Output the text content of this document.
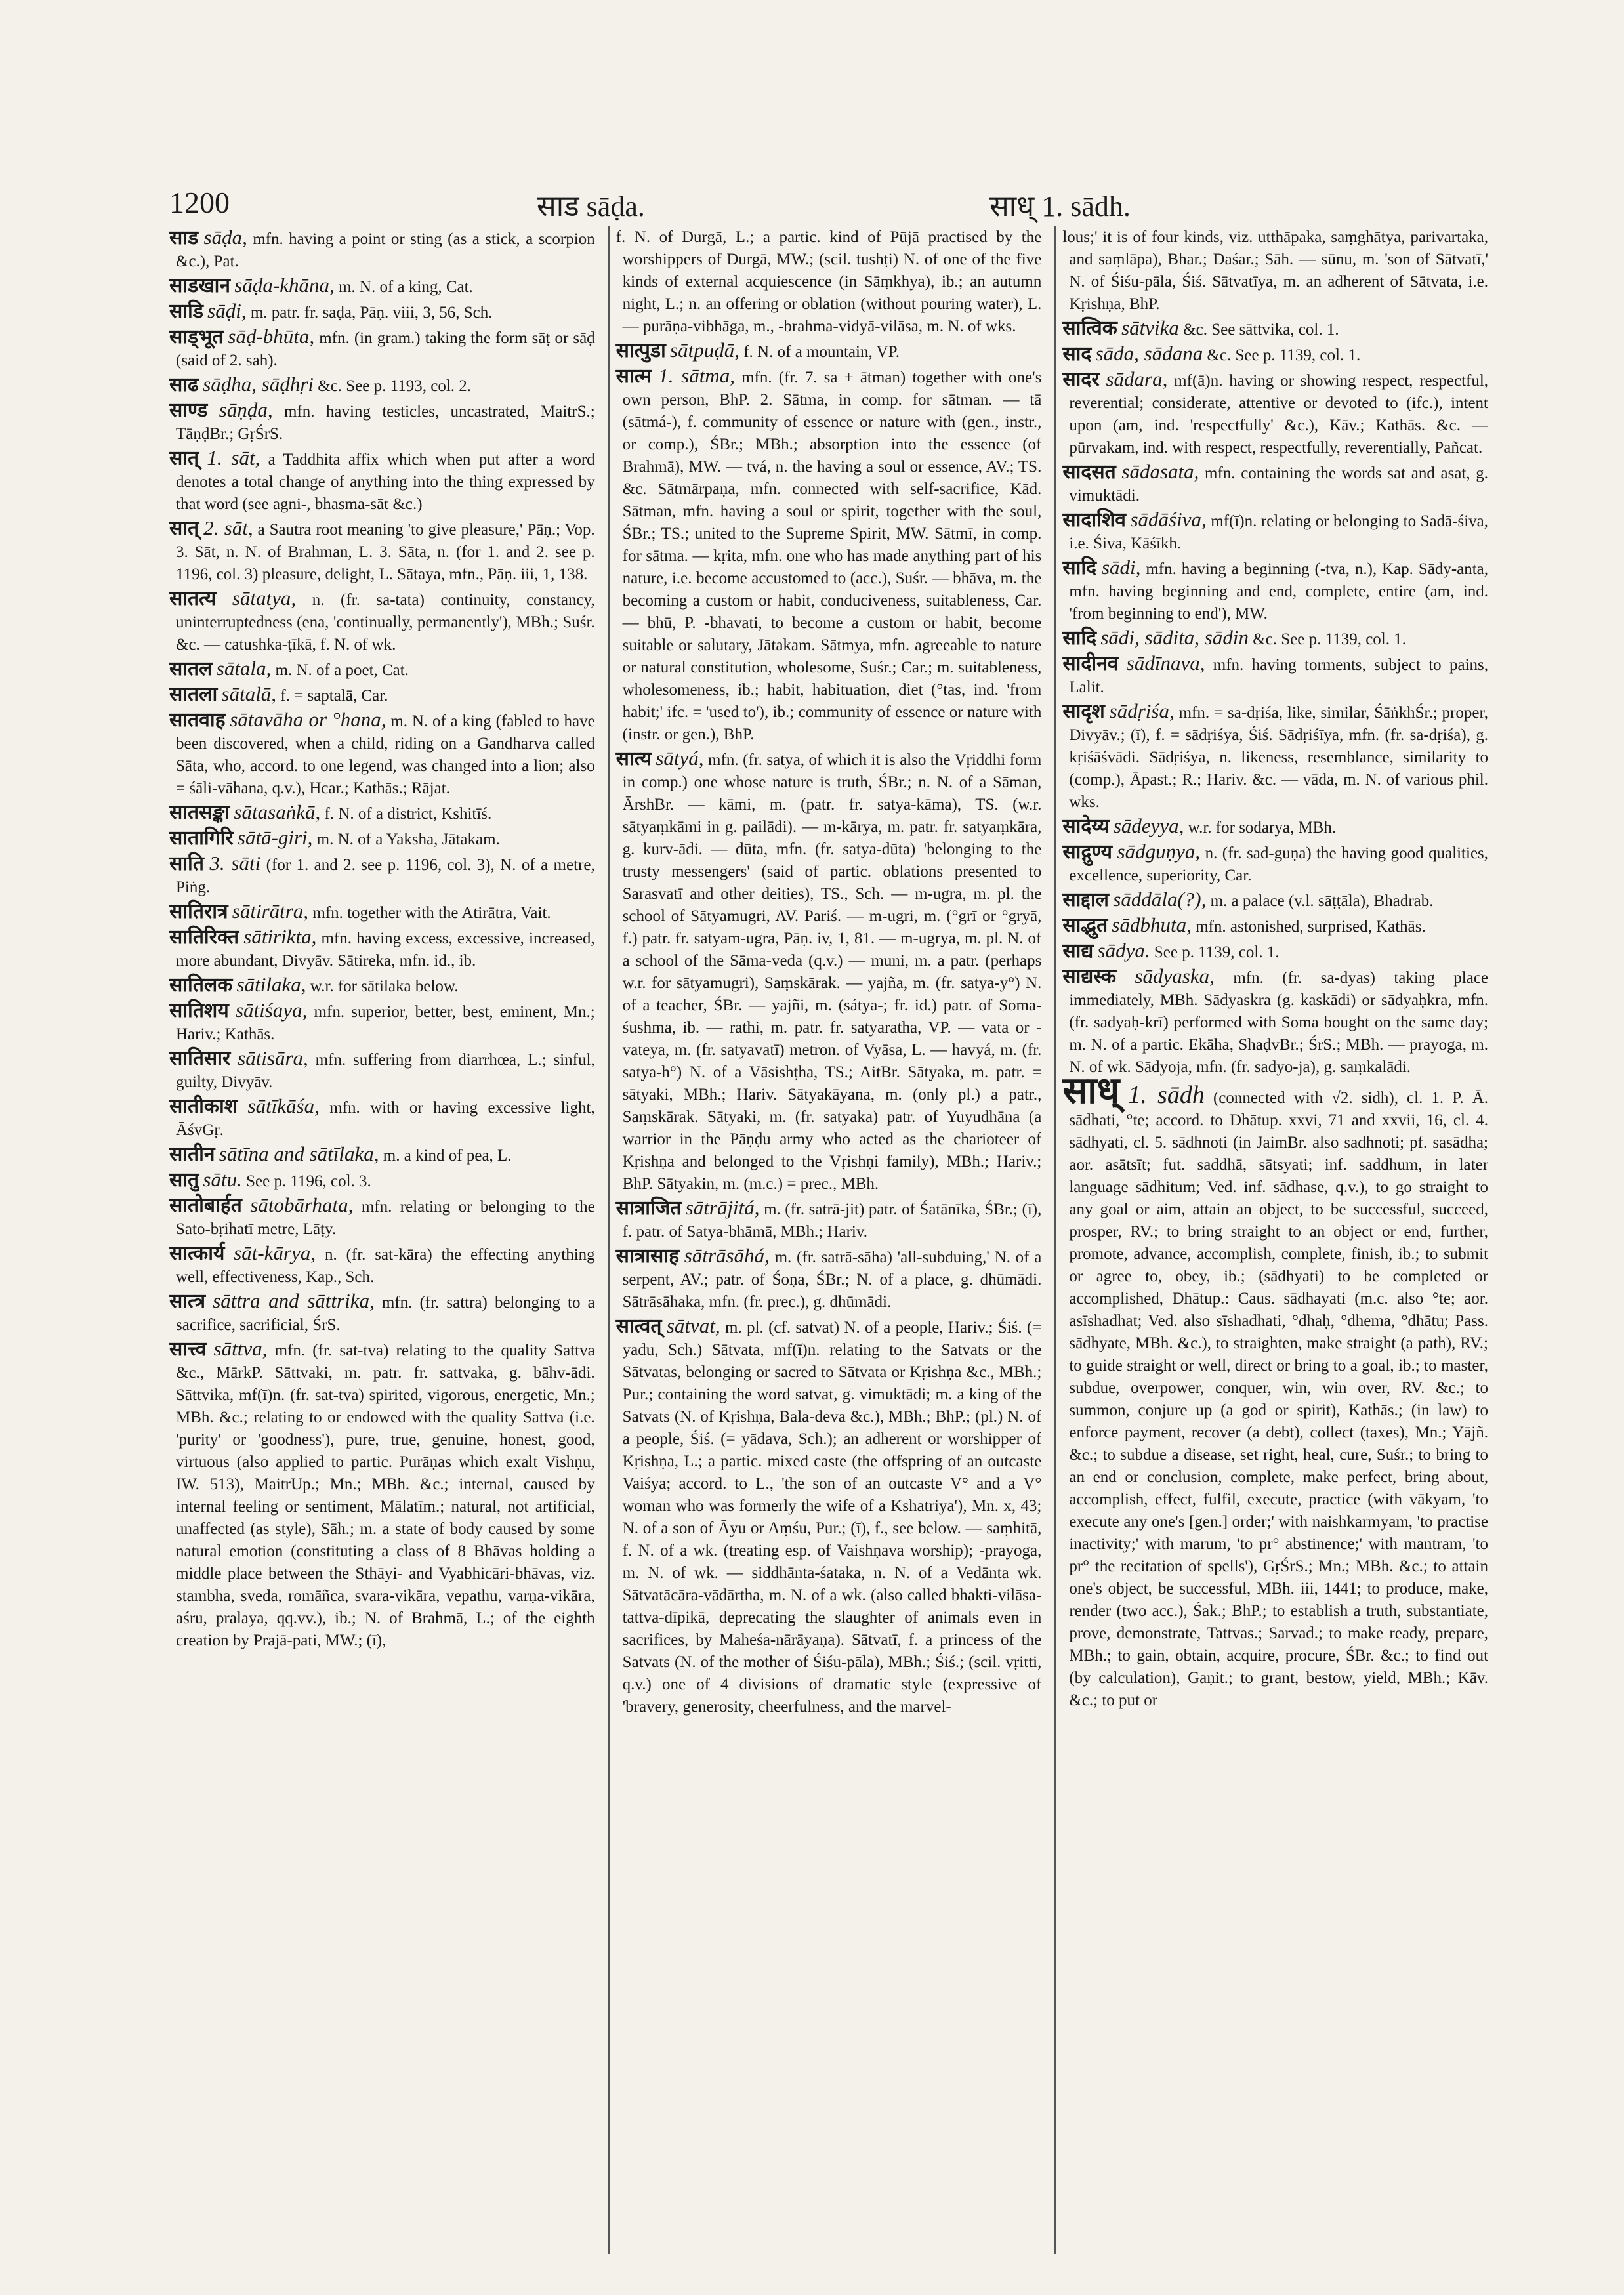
1200	साड sāḍa.	साध् 1. sādh.

साड sāḍa, mfn. having a point or sting (as a stick, a scorpion &c.), Pat.

साडखान sāḍa-khāna, m. N. of a king, Cat.

साडि sāḍi, m. patr. fr. saḍa, Pāṇ. viii, 3, 56, Sch.

साड्भूत sāḍ-bhūta, mfn. (in gram.) taking the form sāṭ or sāḍ (said of 2. sah).

साढ sāḍha, sāḍhṛi &c. See p. 1193, col. 2.

साण्ड sāṇḍa, mfn. having testicles, uncastrated, MaitrS.; TāṇḍBr.; GṛŚrS.

सात् 1. sāt, a Taddhita affix which when put after a word denotes a total change of anything into the thing expressed by that word (see agni-, bhasma-sāt &c.)

सात् 2. sāt, a Sautra root meaning 'to give pleasure,' Pāṇ.; Vop. 3. Sāt, n. N. of Brahman, L. 3. Sāta, n. (for 1. and 2. see p. 1196, col. 3) pleasure, delight, L. Sātaya, mfn., Pāṇ. iii, 1, 138.

सातत्य sātatya, n. (fr. sa-tata) continuity, constancy, uninterruptedness (ena, 'continually, permanently'), MBh.; Suśr. &c. — catushka-ṭīkā, f. N. of wk.

सातल sātala, m. N. of a poet, Cat.

सातला sātalā, f. = saptalā, Car.

सातवाह sātavāha or °hana, m. N. of a king (fabled to have been discovered, when a child, riding on a Gandharva called Sāta, who, accord. to one legend, was changed into a lion; also = śāli-vāhana, q.v.), Hcar.; Kathās.; Rājat.

सातसङ्का sātasaṅkā, f. N. of a district, Kshitīś.

सातागिरि sātā-giri, m. N. of a Yaksha, Jātakam.

साति 3. sāti (for 1. and 2. see p. 1196, col. 3), N. of a metre, Piṅg.

सातिरात्र sātirātra, mfn. together with the Atirātra, Vait.

सातिरिक्त sātirikta, mfn. having excess, excessive, increased, more abundant, Divyāv. Sātireka, mfn. id., ib.

सातिलक sātilaka, w.r. for sātilaka below.

सातिशय sātiśaya, mfn. superior, better, best, eminent, Mn.; Hariv.; Kathās.

सातिसार sātisāra, mfn. suffering from diarrhœa, L.; sinful, guilty, Divyāv.

सातीकाश sātīkāśa, mfn. with or having excessive light, ĀśvGṛ.

सातीन sātīna and sātīlaka, m. a kind of pea, L.

सातु sātu. See p. 1196, col. 3.

सातोबार्हत sātobārhata, mfn. relating or belonging to the Sato-bṛihatī metre, Lāṭy.

सात्कार्य sāt-kārya, n. (fr. sat-kāra) the effecting anything well, effectiveness, Kap., Sch.

सात्त्र sāttra and sāttrika, mfn. (fr. sattra) belonging to a sacrifice, sacrificial, ŚrS.

सात्त्व sāttva, mfn. (fr. sat-tva) relating to the quality Sattva &c., MārkP. Sāttvaki, m. patr. fr. sattvaka, g. bāhv-ādi. Sāttvika, mf(ī)n. (fr. sat-tva) spirited, vigorous, energetic, Mn.; MBh. &c.; relating to or endowed with the quality Sattva (i.e. 'purity' or 'goodness'), pure, true, genuine, honest, good, virtuous (also applied to partic. Purāṇas which exalt Vishṇu, IW. 513), MaitrUp.; Mn.; MBh. &c.; internal, caused by internal feeling or sentiment, Mālatīm.; natural, not artificial, unaffected (as style), Sāh.; m. a state of body caused by some natural emotion (constituting a class of 8 Bhāvas holding a middle place between the Sthāyi- and Vyabhicāri-bhāvas, viz. stambha, sveda, romāñca, svara-vikāra, vepathu, varṇa-vikāra, aśru, pralaya, qq.vv.), ib.; N. of Brahmā, L.; of the eighth creation by Prajā-pati, MW.; (ī),

f. N. of Durgā, L.; a partic. kind of Pūjā practised by the worshippers of Durgā, MW.; (scil. tushṭi) N. of one of the five kinds of external acquiescence (in Sāṃkhya), ib.; an autumn night, L.; n. an offering or oblation (without pouring water), L. — purāṇa-vibhāga, m., -brahma-vidyā-vilāsa, m. N. of wks.

सात्पुडा sātpuḍā, f. N. of a mountain, VP.

सात्म 1. sātma, mfn. (fr. 7. sa + ātman) together with one's own person, BhP. 2. Sātma, in comp. for sātman. — tā (sātmá-), f. community of essence or nature with (gen., instr., or comp.), ŚBr.; MBh.; absorption into the essence (of Brahmā), MW. — tvá, n. the having a soul or essence, AV.; TS. &c. Sātmārpaṇa, mfn. connected with self-sacrifice, Kād. Sātman, mfn. having a soul or spirit, together with the soul, ŚBr.; TS.; united to the Supreme Spirit, MW. Sātmī, in comp. for sātma. — kṛita, mfn. one who has made anything part of his nature, i.e. become accustomed to (acc.), Suśr. — bhāva, m. the becoming a custom or habit, conduciveness, suitableness, Car. — bhū, P. -bhavati, to become a custom or habit, become suitable or salutary, Jātakam. Sātmya, mfn. agreeable to nature or natural constitution, wholesome, Suśr.; Car.; m. suitableness, wholesomeness, ib.; habit, habituation, diet (°tas, ind. 'from habit;' ifc. = 'used to'), ib.; community of essence or nature with (instr. or gen.), BhP.

सात्य sātyá, mfn. (fr. satya, of which it is also the Vṛiddhi form in comp.) one whose nature is truth, ŚBr.; n. N. of a Sāman, ĀrshBr. — kāmi, m. (patr. fr. satya-kāma), TS. (w.r. sātyaṃkāmi in g. pailādi). — m-kārya, m. patr. fr. satyaṃkāra, g. kurv-ādi. — dūta, mfn. (fr. satya-dūta) 'belonging to the trusty messengers' (said of partic. oblations presented to Sarasvatī and other deities), TS., Sch. — m-ugra, m. pl. the school of Sātyamugri, AV. Pariś. — m-ugri, m. (°grī or °gryā, f.) patr. fr. satyam-ugra, Pāṇ. iv, 1, 81. — m-ugrya, m. pl. N. of a school of the Sāma-veda (q.v.) — muni, m. a patr. (perhaps w.r. for sātyamugri), Saṃskārak. — yajña, m. (fr. satya-y°) N. of a teacher, ŚBr. — yajñi, m. (sátya-; fr. id.) patr. of Soma-śushma, ib. — rathi, m. patr. fr. satyaratha, VP. — vata or -vateya, m. (fr. satyavatī) metron. of Vyāsa, L. — havyá, m. (fr. satya-h°) N. of a Vāsishṭha, TS.; AitBr. Sātyaka, m. patr. = sātyaki, MBh.; Hariv. Sātyakāyana, m. (only pl.) a patr., Saṃskārak. Sātyaki, m. (fr. satyaka) patr. of Yuyudhāna (a warrior in the Pāṇḍu army who acted as the charioteer of Kṛishṇa and belonged to the Vṛishṇi family), MBh.; Hariv.; BhP. Sātyakin, m. (m.c.) = prec., MBh.

सात्राजित sātrājitá, m. (fr. satrā-jit) patr. of Śatānīka, ŚBr.; (ī), f. patr. of Satya-bhāmā, MBh.; Hariv.

सात्रासाह sātrāsāhá, m. (fr. satrā-sāha) 'all-subduing,' N. of a serpent, AV.; patr. of Śoṇa, ŚBr.; N. of a place, g. dhūmādi. Sātrāsāhaka, mfn. (fr. prec.), g. dhūmādi.

सात्वत् sātvat, m. pl. (cf. satvat) N. of a people, Hariv.; Śiś. (= yadu, Sch.) Sātvata, mf(ī)n. relating to the Satvats or the Sātvatas, belonging or sacred to Sātvata or Kṛishṇa &c., MBh.; Pur.; containing the word satvat, g. vimuktādi; m. a king of the Satvats (N. of Kṛishṇa, Bala-deva &c.), MBh.; BhP.; (pl.) N. of a people, Śiś. (= yādava, Sch.); an adherent or worshipper of Kṛishṇa, L.; a partic. mixed caste (the offspring of an outcaste Vaiśya; accord. to L., 'the son of an outcaste V° and a V° woman who was formerly the wife of a Kshatriya'), Mn. x, 43; N. of a son of Āyu or Aṃśu, Pur.; (ī), f., see below. — saṃhitā, f. N. of a wk. (treating esp. of Vaishṇava worship); -prayoga, m. N. of wk. — siddhānta-śataka, n. N. of a Vedānta wk. Sātvatācāra-vādārtha, m. N. of a wk. (also called bhakti-vilāsa-tattva-dīpikā, deprecating the slaughter of animals even in sacrifices, by Maheśa-nārāyaṇa). Sātvatī, f. a princess of the Satvats (N. of the mother of Śiśu-pāla), MBh.; Śiś.; (scil. vṛitti, q.v.) one of 4 divisions of dramatic style (expressive of 'bravery, generosity, cheerfulness, and the marvel-

lous;' it is of four kinds, viz. utthāpaka, saṃghātya, parivartaka, and saṃlāpa), Bhar.; Daśar.; Sāh. — sūnu, m. 'son of Sātvatī,' N. of Śiśu-pāla, Śiś. Sātvatīya, m. an adherent of Sātvata, i.e. Kṛishṇa, BhP.

सात्विक sātvika &c. See sāttvika, col. 1.

साद sāda, sādana &c. See p. 1139, col. 1.

सादर sādara, mf(ā)n. having or showing respect, respectful, reverential; considerate, attentive or devoted to (ifc.), intent upon (am, ind. 'respectfully' &c.), Kāv.; Kathās. &c. — pūrvakam, ind. with respect, respectfully, reverentially, Pañcat.

सादसत sādasata, mfn. containing the words sat and asat, g. vimuktādi.

सादाशिव sādāśiva, mf(ī)n. relating or belonging to Sadā-śiva, i.e. Śiva, Kāśīkh.

सादि sādi, mfn. having a beginning (-tva, n.), Kap. Sādy-anta, mfn. having beginning and end, complete, entire (am, ind. 'from beginning to end'), MW.

सादि sādi, sādita, sādin &c. See p. 1139, col. 1.

सादीनव sādīnava, mfn. having torments, subject to pains, Lalit.

सादृश sādṛiśa, mfn. = sa-dṛiśa, like, similar, ŚāṅkhŚr.; proper, Divyāv.; (ī), f. = sādṛiśya, Śiś. Sādṛiśīya, mfn. (fr. sa-dṛiśa), g. kṛiśāśvādi. Sādṛiśya, n. likeness, resemblance, similarity to (comp.), Āpast.; R.; Hariv. &c. — vāda, m. N. of various phil. wks.

सादेय्य sādeyya, w.r. for sodarya, MBh.

साद्गुण्य sādguṇya, n. (fr. sad-guṇa) the having good qualities, excellence, superiority, Car.

साद्दाल sāddāla(?), m. a palace (v.l. sāṭṭāla), Bhadrab.

साद्भुत sādbhuta, mfn. astonished, surprised, Kathās.

साद्य sādya. See p. 1139, col. 1.

साद्यस्क sādyaska, mfn. (fr. sa-dyas) taking place immediately, MBh. Sādyaskra (g. kaskādi) or sādyaḥkra, mfn. (fr. sadyaḥ-krī) performed with Soma bought on the same day; m. N. of a partic. Ekāha, ShaḍvBr.; ŚrS.; MBh. — prayoga, m. N. of wk. Sādyoja, mfn. (fr. sadyo-ja), g. saṃkalādi.

साध् 1. sādh (connected with √2. sidh), cl. 1. P. Ā. sādhati, °te; accord. to Dhātup. xxvi, 71 and xxvii, 16, cl. 4. sādhyati, cl. 5. sādhnoti (in JaimBr. also sadhnoti; pf. sasādha; aor. asātsīt; fut. saddhā, sātsyati; inf. saddhum, in later language sādhitum; Ved. inf. sādhase, q.v.), to go straight to any goal or aim, attain an object, to be successful, succeed, prosper, RV.; to bring straight to an object or end, further, promote, advance, accomplish, complete, finish, ib.; to submit or agree to, obey, ib.; (sādhyati) to be completed or accomplished, Dhātup.: Caus. sādhayati (m.c. also °te; aor. asīshadhat; Ved. also sīshadhati, °dhaḥ, °dhema, °dhātu; Pass. sādhyate, MBh. &c.), to straighten, make straight (a path), RV.; to guide straight or well, direct or bring to a goal, ib.; to master, subdue, overpower, conquer, win, win over, RV. &c.; to summon, conjure up (a god or spirit), Kathās.; (in law) to enforce payment, recover (a debt), collect (taxes), Mn.; Yājñ. &c.; to subdue a disease, set right, heal, cure, Suśr.; to bring to an end or conclusion, complete, make perfect, bring about, accomplish, effect, fulfil, execute, practice (with vākyam, 'to execute any one's [gen.] order;' with naishkarmyam, 'to practise inactivity;' with marum, 'to pr° abstinence;' with mantram, 'to pr° the recitation of spells'), GṛŚrS.; Mn.; MBh. &c.; to attain one's object, be successful, MBh. iii, 1441; to produce, make, render (two acc.), Śak.; BhP.; to establish a truth, substantiate, prove, demonstrate, Tattvas.; Sarvad.; to make ready, prepare, MBh.; to gain, obtain, acquire, procure, ŚBr. &c.; to find out (by calculation), Gaṇit.; to grant, bestow, yield, MBh.; Kāv. &c.; to put or
